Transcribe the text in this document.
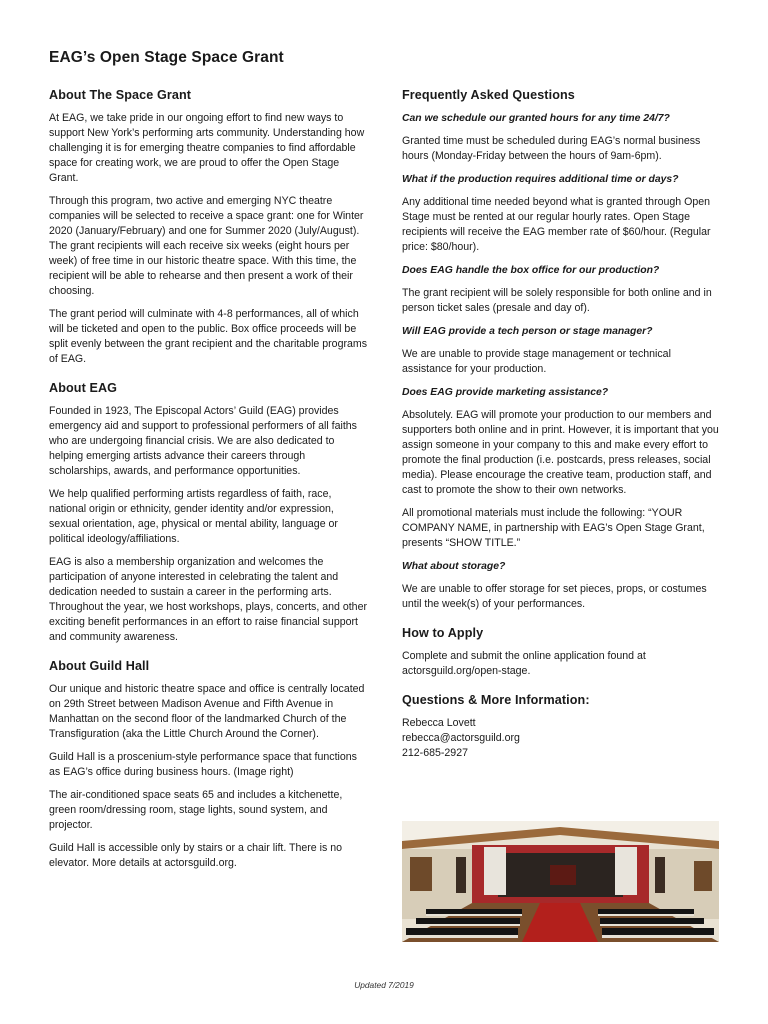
EAG’s Open Stage Space Grant
About The Space Grant

At EAG, we take pride in our ongoing effort to find new ways to support New York’s performing arts community. Understanding how challenging it is for emerging theatre companies to find affordable space for creating work, we are proud to offer the Open Stage Grant.

Through this program, two active and emerging NYC theatre companies will be selected to receive a space grant: one for Winter 2020 (January/February) and one for Summer 2020 (July/August). The grant recipients will each receive six weeks (eight hours per week) of free time in our historic theatre space. With this time, the recipient will be able to rehearse and then present a work of their choosing.

The grant period will culminate with 4-8 performances, all of which will be ticketed and open to the public. Box office proceeds will be split evenly between the grant recipient and the charitable programs of EAG.

About EAG

Founded in 1923, The Episcopal Actors’ Guild (EAG) provides emergency aid and support to professional performers of all faiths who are undergoing financial crisis. We are also dedicated to helping emerging artists advance their careers through scholarships, awards, and performance opportunities.

We help qualified performing artists regardless of faith, race, national origin or ethnicity, gender identity and/or expression, sexual orientation, age, physical or mental ability, language or political ideology/affiliations.

EAG is also a membership organization and welcomes the participation of anyone interested in celebrating the talent and dedication needed to sustain a career in the performing arts. Throughout the year, we host workshops, plays, concerts, and other exciting benefit performances in an effort to raise financial support and community awareness.

About Guild Hall

Our unique and historic theatre space and office is centrally located on 29th Street between Madison Avenue and Fifth Avenue in Manhattan on the second floor of the landmarked Church of the Transfiguration (aka the Little Church Around the Corner).

Guild Hall is a proscenium-style performance space that functions as EAG’s office during business hours. (Image right)

The air-conditioned space seats 65 and includes a kitchenette, green room/dressing room, stage lights, sound system, and projector.

Guild Hall is accessible only by stairs or a chair lift. There is no elevator. More details at actorsguild.org.

Frequently Asked Questions

Can we schedule our granted hours for any time 24/7?

Granted time must be scheduled during EAG’s normal business hours (Monday-Friday between the hours of 9am-6pm).

What if the production requires additional time or days?

Any additional time needed beyond what is granted through Open Stage must be rented at our regular hourly rates. Open Stage recipients will receive the EAG member rate of $60/hour. (Regular price: $80/hour).

Does EAG handle the box office for our production?

The grant recipient will be solely responsible for both online and in person ticket sales (presale and day of).

Will EAG provide a tech person or stage manager?

We are unable to provide stage management or technical assistance for your production.

Does EAG provide marketing assistance?

Absolutely. EAG will promote your production to our members and supporters both online and in print. However, it is important that you assign someone in your company to this and make every effort to promote the final production (i.e. postcards, press releases, social media). Please encourage the creative team, production staff, and cast to promote the show to their own networks.

All promotional materials must include the following: “YOUR COMPANY NAME, in partnership with EAG’s Open Stage Grant, presents “SHOW TITLE.”

What about storage?

We are unable to offer storage for set pieces, props, or costumes until the week(s) of your performances.

How to Apply

Complete and submit the online application found at actorsguild.org/open-stage.

Questions & More Information:

Rebecca Lovett

rebecca@actorsguild.org

212-685-2927

Updated 7/2019
